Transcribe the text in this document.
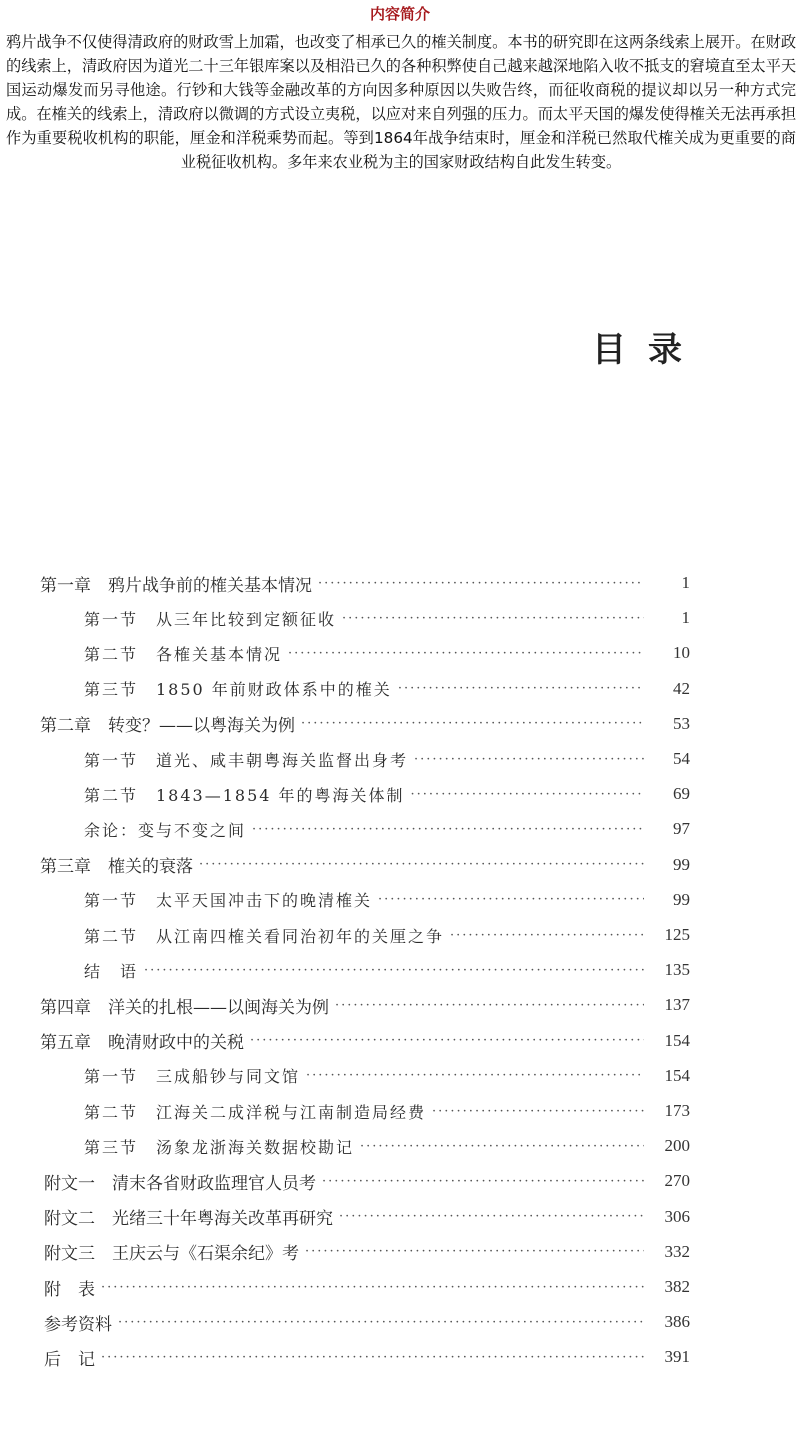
内容简介
鸦片战争不仅使得清政府的财政雪上加霜，也改变了相承已久的榷关制度。本书的研究即在这两条线索上展开。在财政的线索上，清政府因为道光二十三年银库案以及相沿已久的各种积弊使自己越来越深地陷入收不抵支的窘境直至太平天国运动爆发而另寻他途。行钞和大钱等金融改革的方向因多种原因以失败告终，而征收商税的提议却以另一种方式完成。在榷关的线索上，清政府以微调的方式设立夷税，以应对来自列强的压力。而太平天国的爆发使得榷关无法再承担作为重要税收机构的职能，厘金和洋税乘势而起。等到1864年战争结束时，厘金和洋税已然取代榷关成为更重要的商业税征收机构。多年来农业税为主的国家财政结构自此发生转变。
目录
第一章　鸦片战争前的榷关基本情况 ·····	1
第一节　从三年比较到定额征收 ·····	1
第二节　各榷关基本情况 ·····	10
第三节　1850 年前财政体系中的榷关 ·····	42
第二章　转变？——以粤海关为例 ·····	53
第一节　道光、咸丰朝粤海关监督出身考 ·····	54
第二节　1843—1854 年的粤海关体制 ·····	69
余论：变与不变之间 ·····	97
第三章　榷关的衰落 ·····	99
第一节　太平天国冲击下的晚清榷关 ·····	99
第二节　从江南四榷关看同治初年的关厘之争 ·····	125
结　语 ·····	135
第四章　洋关的扎根——以闽海关为例 ·····	137
第五章　晚清财政中的关税 ·····	154
第一节　三成船钞与同文馆 ·····	154
第二节　江海关二成洋税与江南制造局经费 ·····	173
第三节　汤象龙浙海关数据校勘记 ·····	200
附文一　清末各省财政监理官人员考 ·····	270
附文二　光绪三十年粤海关改革再研究 ·····	306
附文三　王庆云与《石渠余纪》考 ·····	332
附　表 ·····	382
参考资料 ·····	386
后　记 ·····	391
